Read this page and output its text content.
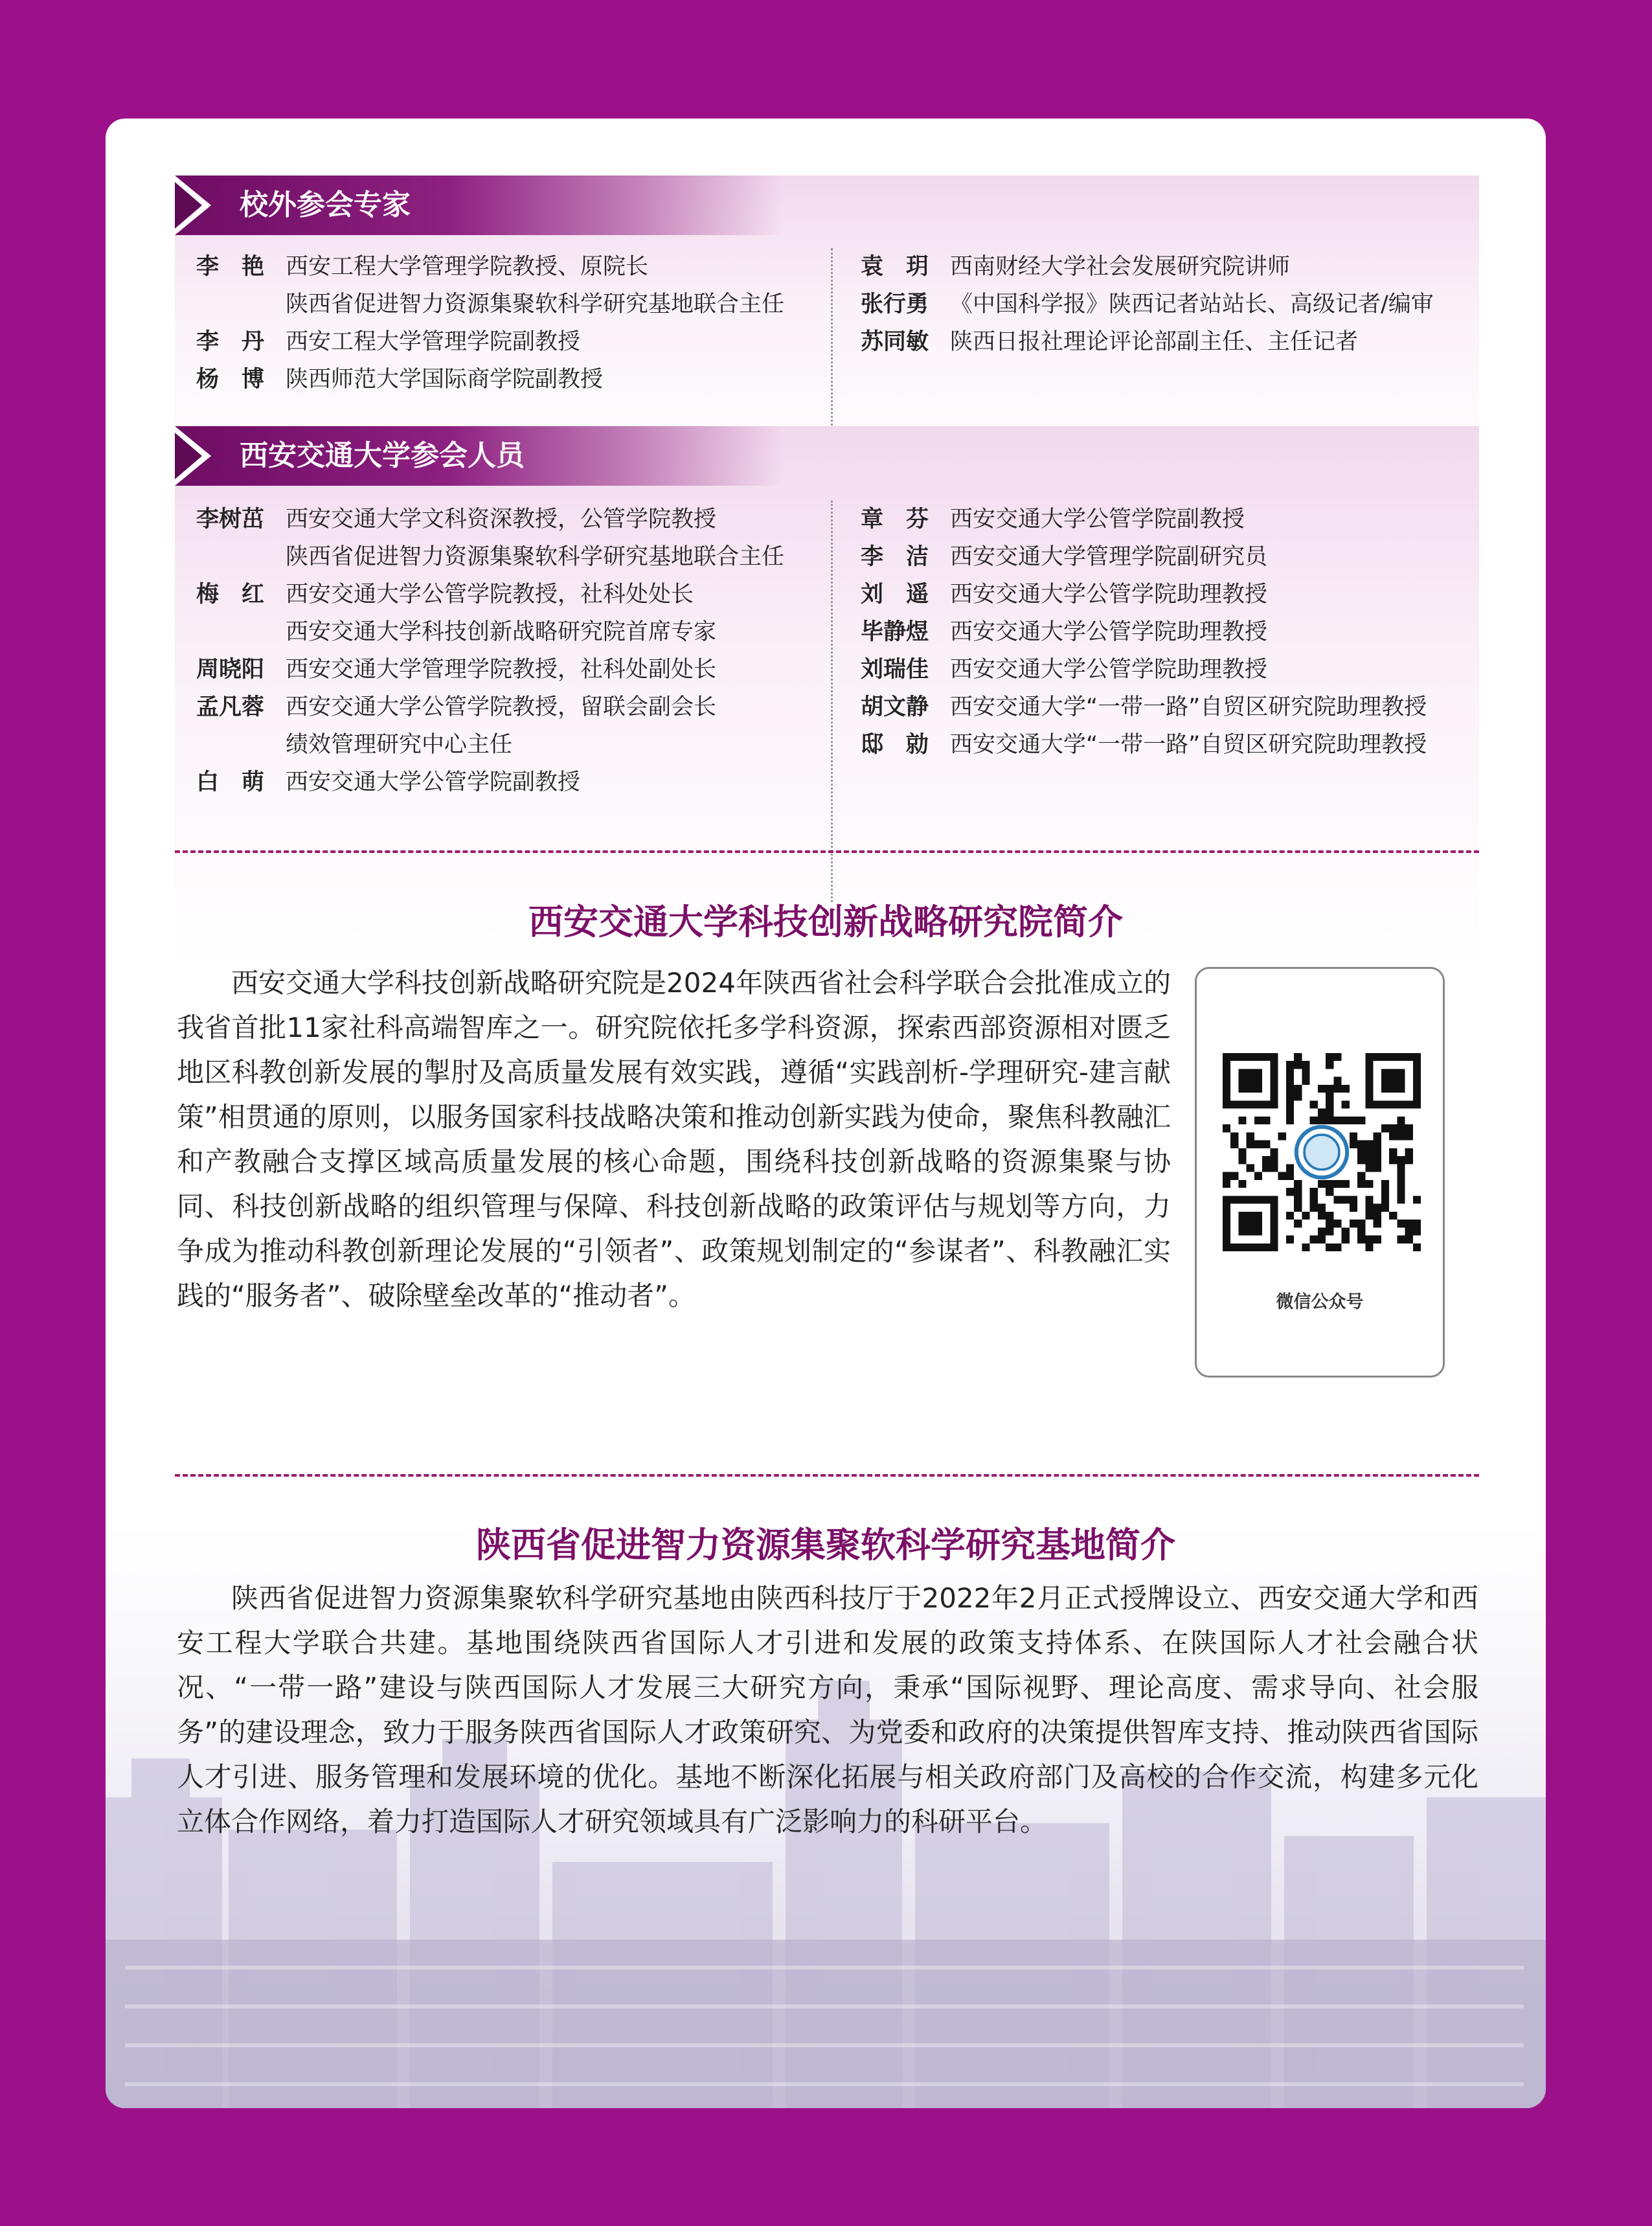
校外参会专家
李　艳 西安工程大学管理学院教授、原院长
陕西省促进智力资源集聚软科学研究基地联合主任
李　丹 西安工程大学管理学院副教授
杨　博 陕西师范大学国际商学院副教授
袁　玥 西南财经大学社会发展研究院讲师
张行勇 《中国科学报》陕西记者站站长、高级记者/编审
苏同敏 陕西日报社理论评论部副主任、主任记者
西安交通大学参会人员
李树茁 西安交通大学文科资深教授，公管学院教授
陕西省促进智力资源集聚软科学研究基地联合主任
梅　红 西安交通大学公管学院教授，社科处处长
西安交通大学科技创新战略研究院首席专家
周晓阳 西安交通大学管理学院教授，社科处副处长
孟凡蓉 西安交通大学公管学院教授，留联会副会长
绩效管理研究中心主任
白　萌 西安交通大学公管学院副教授
章　芬 西安交通大学公管学院副教授
李　洁 西安交通大学管理学院副研究员
刘　遥 西安交通大学公管学院助理教授
毕静煜 西安交通大学公管学院助理教授
刘瑞佳 西安交通大学公管学院助理教授
胡文静 西安交通大学“一带一路”自贸区研究院助理教授
邸　勍 西安交通大学“一带一路”自贸区研究院助理教授
西安交通大学科技创新战略研究院简介

西安交通大学科技创新战略研究院是2024年陕西省社会科学联合会批准成立的我省首批11家社科高端智库之一。研究院依托多学科资源，探索西部资源相对匮乏地区科教创新发展的掣肘及高质量发展有效实践，遵循“实践剖析-学理研究-建言献策”相贯通的原则，以服务国家科技战略决策和推动创新实践为使命，聚焦科教融汇和产教融合支撑区域高质量发展的核心命题，围绕科技创新战略的资源集聚与协同、科技创新战略的组织管理与保障、科技创新战略的政策评估与规划等方向，力争成为推动科教创新理论发展的“引领者”、政策规划制定的“参谋者”、科教融汇实践的“服务者”、破除壁垒改革的“推动者”。	微信公众号
陕西省促进智力资源集聚软科学研究基地简介

陕西省促进智力资源集聚软科学研究基地由陕西科技厅于2022年2月正式授牌设立、西安交通大学和西安工程大学联合共建。基地围绕陕西省国际人才引进和发展的政策支持体系、在陕国际人才社会融合状况、“一带一路”建设与陕西国际人才发展三大研究方向，秉承“国际视野、理论高度、需求导向、社会服务”的建设理念，致力于服务陕西省国际人才政策研究、为党委和政府的决策提供智库支持、推动陕西省国际人才引进、服务管理和发展环境的优化。基地不断深化拓展与相关政府部门及高校的合作交流，构建多元化立体合作网络，着力打造国际人才研究领域具有广泛影响力的科研平台。
